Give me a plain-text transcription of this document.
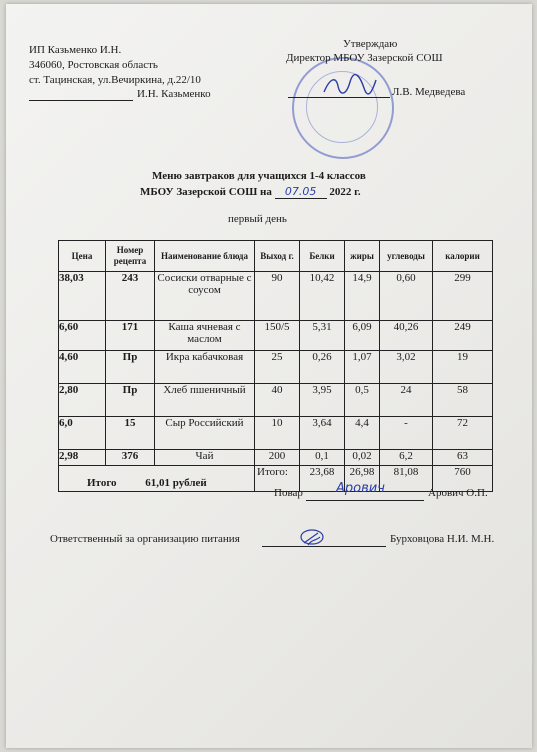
ИП Казьменко И.Н.
346060, Ростовская область
ст. Тацинская, ул.Вечиркина, д.22/10
И.Н. Казьменко
Утверждаю
Директор МБОУ Зазерской СОШ
Л.В. Медведева
Меню завтраков для учащихся 1-4 классов
МБОУ Зазерской СОШ на 07.05 2022 г.
первый день
Цена	Номер рецепта	Наименование блюда	Выход г.	Белки	жиры	углеводы	калории
38,03	243	Сосиски отварные с соусом	90	10,42	14,9	0,60	299
6,60	171	Каша ячневая с маслом	150/5	5,31	6,09	40,26	249
4,60	Пр	Икра кабачковая	25	0,26	1,07	3,02	19
2,80	Пр	Хлеб пшеничный	40	3,95	0,5	24	58
6,0	15	Сыр Российский	10	3,64	4,4	-	72
2,98	376	Чай	200	0,1	0,02	6,2	63
Итого 61,01 рублей			Итого:	23,68	26,98	81,08	760
Повар	Арович	Арович О.П.
Ответственный за организацию питания	Бурховцова Н.И. М.Н.
